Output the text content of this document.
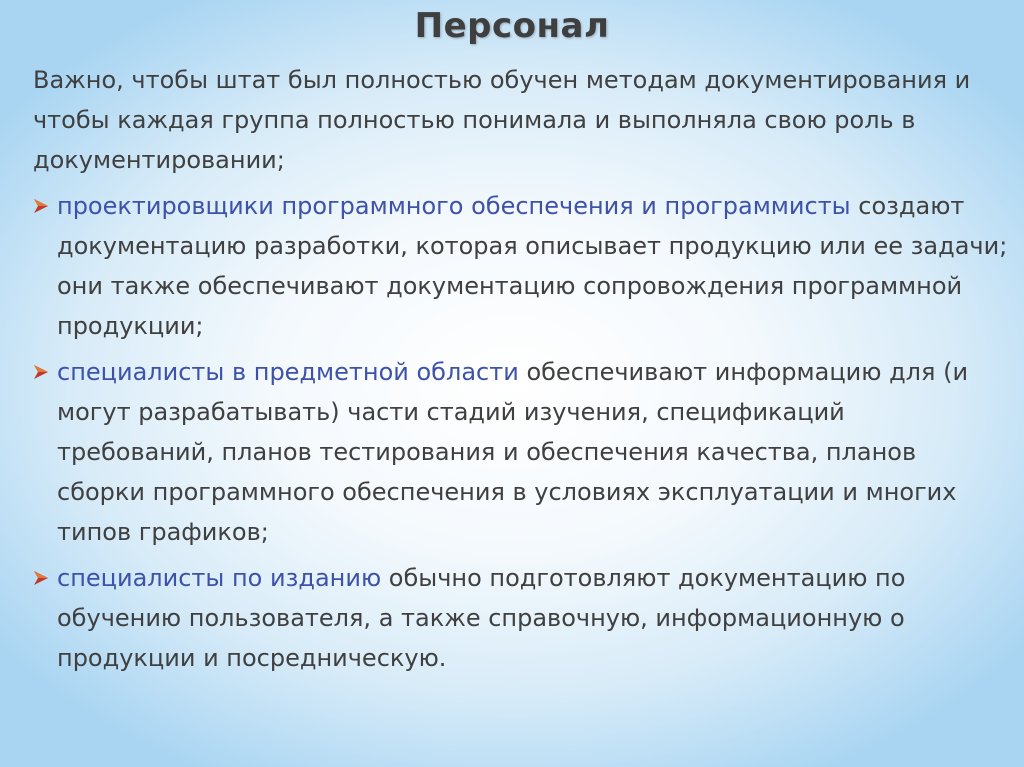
Персонал

Важно, чтобы штат был полностью обучен методам документирования и чтобы каждая группа полностью понимала и выполняла свою роль в документировании;

проектировщики программного обеспечения и программисты создают документацию разработки, которая описывает продукцию или ее задачи; они также обеспечивают документацию сопровождения программной продукции;
специалисты в предметной области обеспечивают информацию для (и могут разрабатывать) части стадий изучения, спецификаций требований, планов тестирования и обеспечения качества, планов сборки программного обеспечения в условиях эксплуатации и многих типов графиков;
специалисты по изданию обычно подготовляют документацию по обучению пользователя, а также справочную, информационную о продукции и посредническую.
